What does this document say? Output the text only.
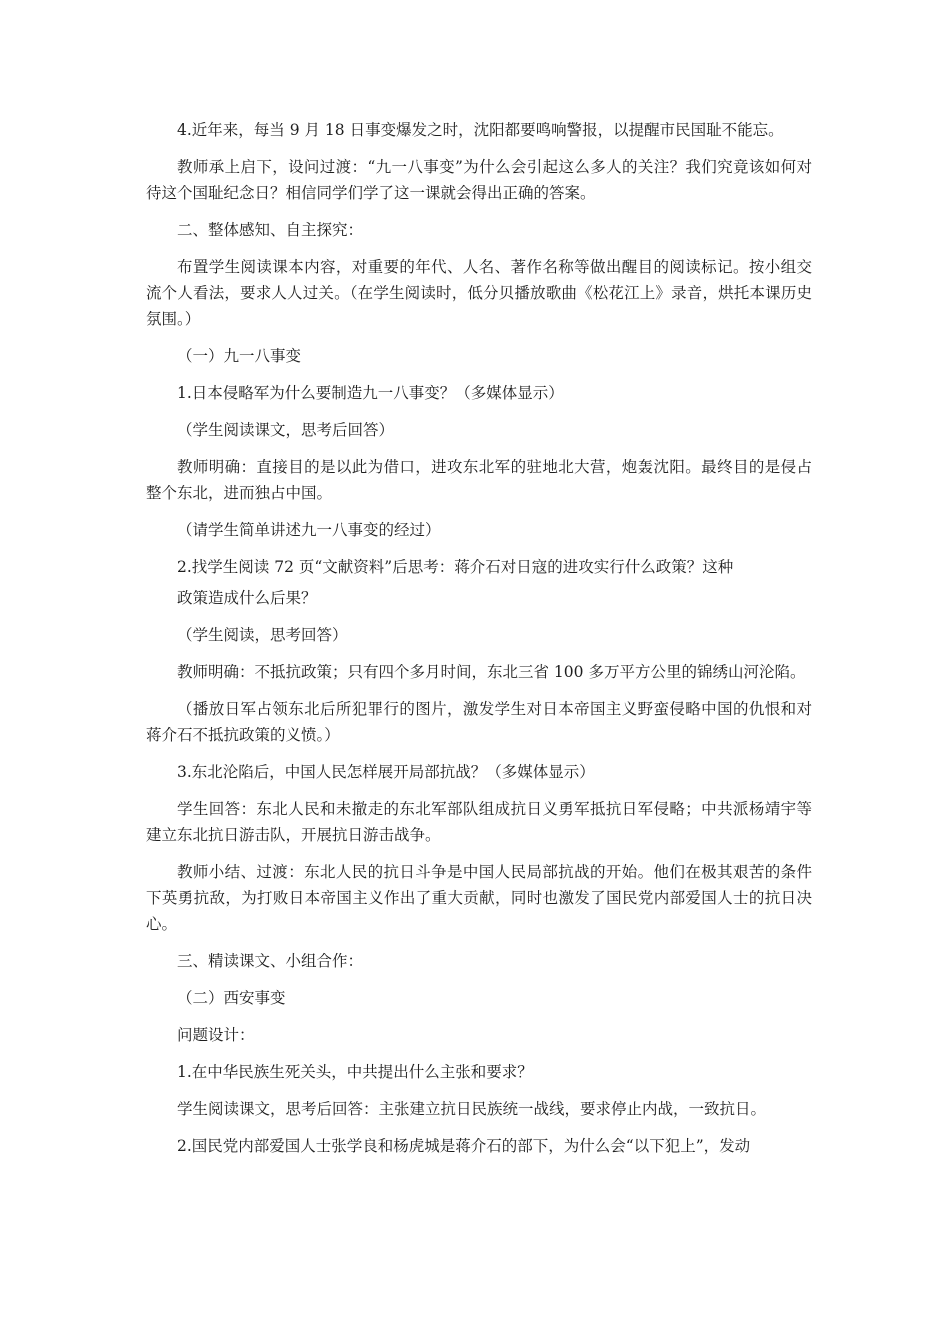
4.近年来，每当 9 月 18 日事变爆发之时，沈阳都要鸣响警报，以提醒市民国耻不能忘。

教师承上启下，设问过渡：“九一八事变”为什么会引起这么多人的关注？我们究竟该如何对待这个国耻纪念日？相信同学们学了这一课就会得出正确的答案。

二、整体感知、自主探究：

布置学生阅读课本内容，对重要的年代、人名、著作名称等做出醒目的阅读标记。按小组交流个人看法，要求人人过关。（在学生阅读时，低分贝播放歌曲《松花江上》录音，烘托本课历史氛围。）

（一）九一八事变

1.日本侵略军为什么要制造九一八事变？（多媒体显示）

（学生阅读课文，思考后回答）

教师明确：直接目的是以此为借口，进攻东北军的驻地北大营，炮轰沈阳。最终目的是侵占整个东北，进而独占中国。

（请学生简单讲述九一八事变的经过）

2.找学生阅读 72 页“文献资料”后思考：蒋介石对日寇的进攻实行什么政策？这种

政策造成什么后果？

（学生阅读，思考回答）

教师明确：不抵抗政策；只有四个多月时间，东北三省 100 多万平方公里的锦绣山河沦陷。

（播放日军占领东北后所犯罪行的图片，激发学生对日本帝国主义野蛮侵略中国的仇恨和对蒋介石不抵抗政策的义愤。）

3.东北沦陷后，中国人民怎样展开局部抗战？（多媒体显示）

学生回答：东北人民和未撤走的东北军部队组成抗日义勇军抵抗日军侵略；中共派杨靖宇等建立东北抗日游击队，开展抗日游击战争。

教师小结、过渡：东北人民的抗日斗争是中国人民局部抗战的开始。他们在极其艰苦的条件下英勇抗敌，为打败日本帝国主义作出了重大贡献，同时也激发了国民党内部爱国人士的抗日决心。

三、精读课文、小组合作：

（二）西安事变

问题设计：

1.在中华民族生死关头，中共提出什么主张和要求？

学生阅读课文，思考后回答：主张建立抗日民族统一战线，要求停止内战，一致抗日。

2.国民党内部爱国人士张学良和杨虎城是蒋介石的部下，为什么会“以下犯上”，发动
